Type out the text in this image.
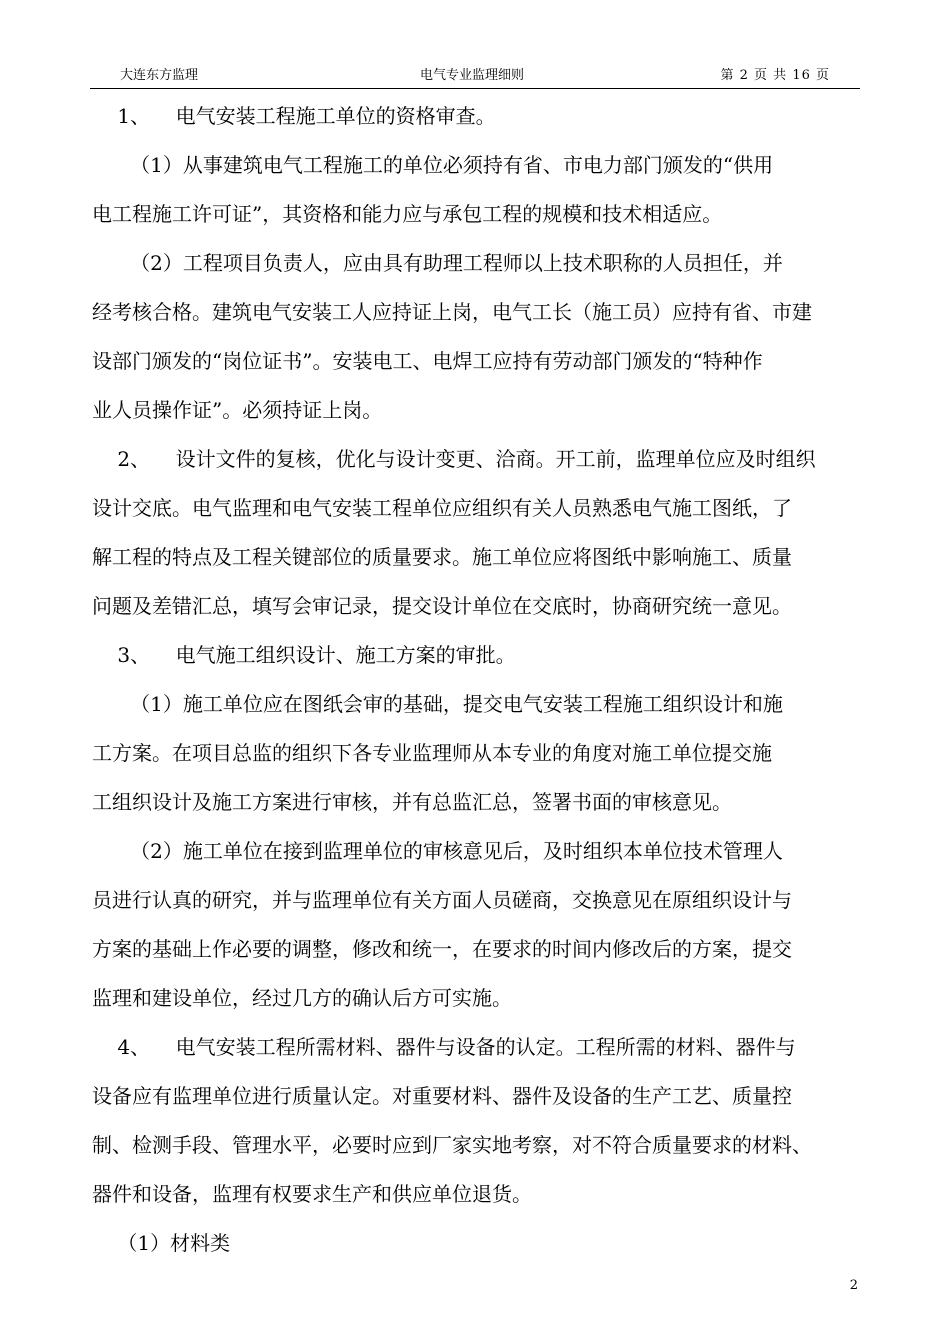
大连东方监理	电气专业监理细则	第 2 页 共 16 页
1、    电气安装工程施工单位的资格审查。
（1）从事建筑电气工程施工的单位必须持有省、市电力部门颁发的“供用
电工程施工许可证”，其资格和能力应与承包工程的规模和技术相适应。
（2）工程项目负责人，应由具有助理工程师以上技术职称的人员担任，并
经考核合格。建筑电气安装工人应持证上岗，电气工长（施工员）应持有省、市建
设部门颁发的“岗位证书”。安装电工、电焊工应持有劳动部门颁发的“特种作
业人员操作证”。必须持证上岗。
2、    设计文件的复核，优化与设计变更、洽商。开工前，监理单位应及时组织
设计交底。电气监理和电气安装工程单位应组织有关人员熟悉电气施工图纸，了
解工程的特点及工程关键部位的质量要求。施工单位应将图纸中影响施工、质量
问题及差错汇总，填写会审记录，提交设计单位在交底时，协商研究统一意见。
3、    电气施工组织设计、施工方案的审批。
（1）施工单位应在图纸会审的基础，提交电气安装工程施工组织设计和施
工方案。在项目总监的组织下各专业监理师从本专业的角度对施工单位提交施
工组织设计及施工方案进行审核，并有总监汇总，签署书面的审核意见。
（2）施工单位在接到监理单位的审核意见后，及时组织本单位技术管理人
员进行认真的研究，并与监理单位有关方面人员磋商，交换意见在原组织设计与
方案的基础上作必要的调整，修改和统一，在要求的时间内修改后的方案，提交
监理和建设单位，经过几方的确认后方可实施。
4、    电气安装工程所需材料、器件与设备的认定。工程所需的材料、器件与
设备应有监理单位进行质量认定。对重要材料、器件及设备的生产工艺、质量控
制、检测手段、管理水平，必要时应到厂家实地考察，对不符合质量要求的材料、
器件和设备，监理有权要求生产和供应单位退货。
（1）材料类
2
